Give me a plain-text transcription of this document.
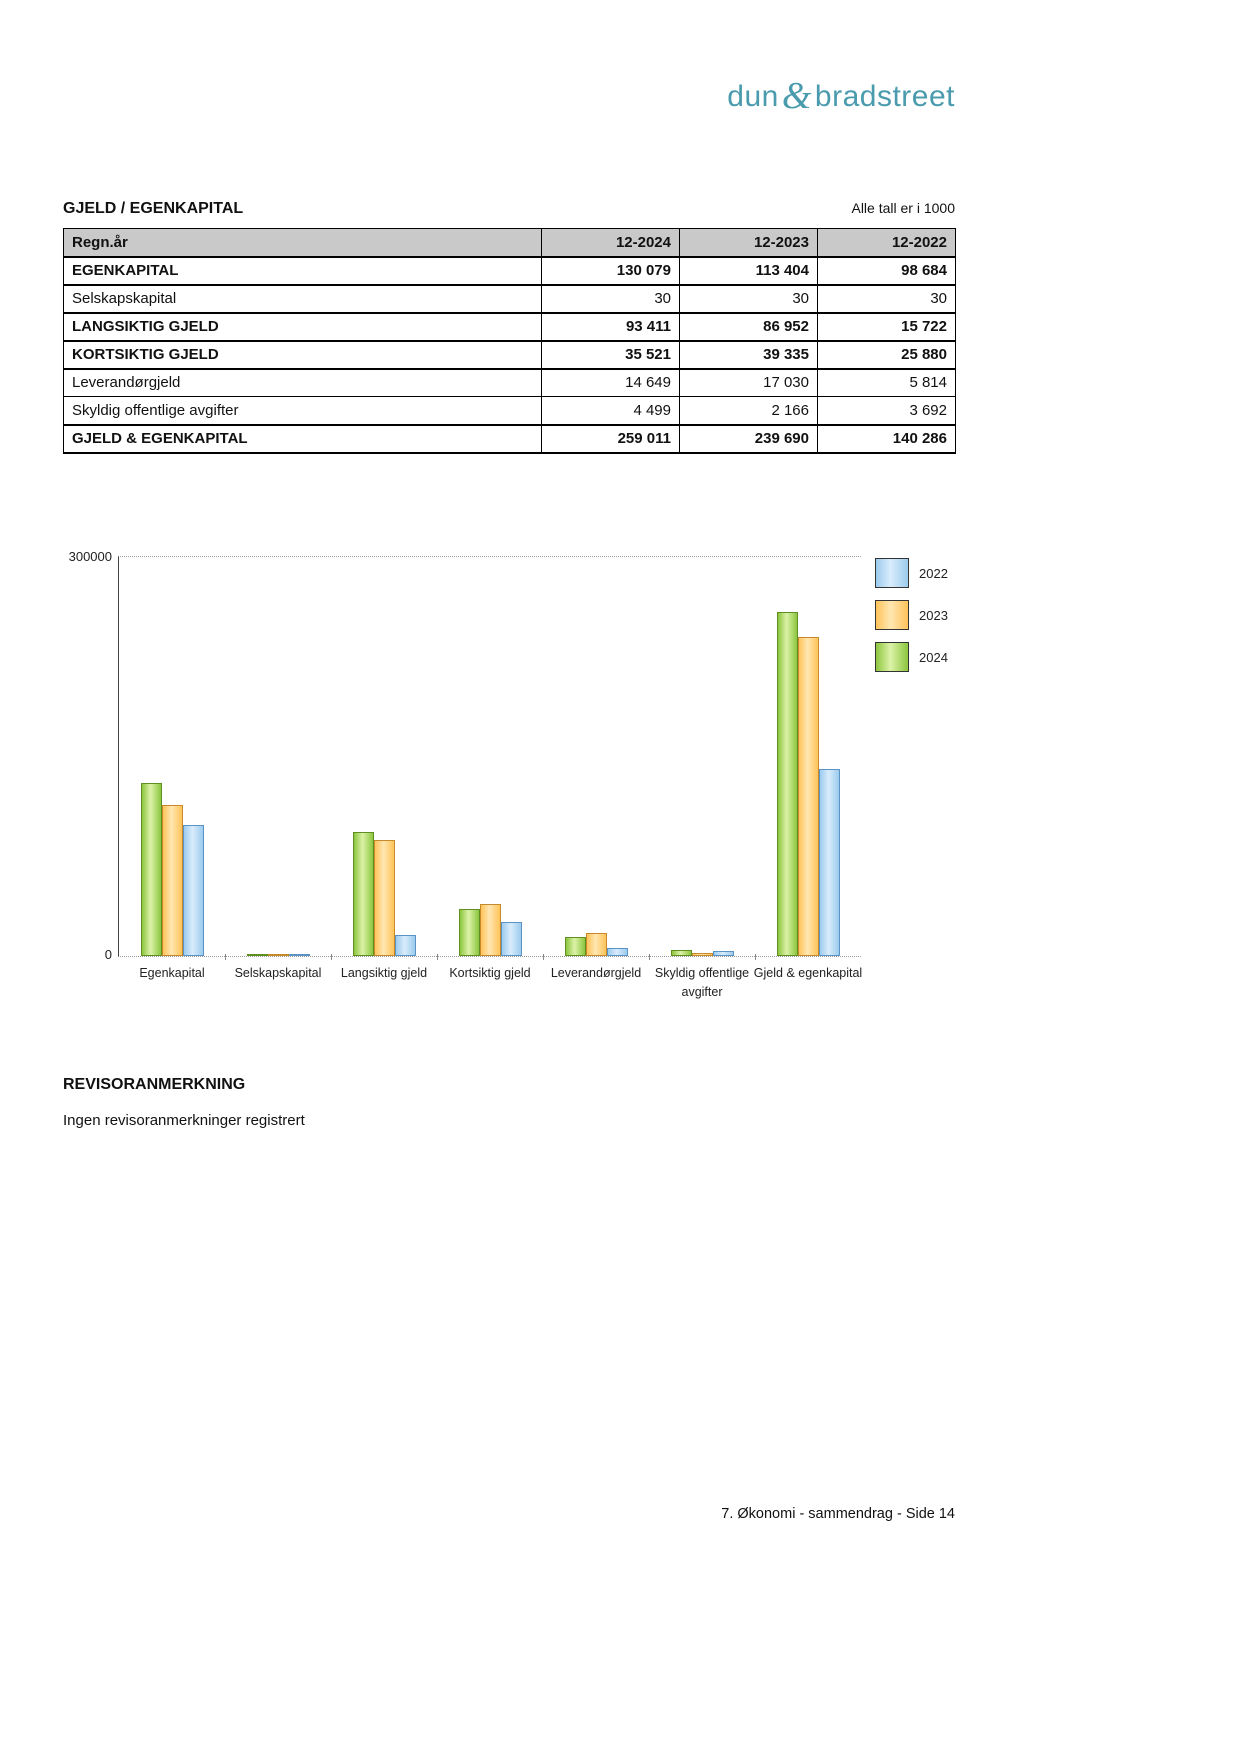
dun& bradstreet
GJELD / EGENKAPITAL	Alle tall er i 1000
Regn.år	12-2024	12-2023	12-2022
EGENKAPITAL	130 079	113 404	98 684
Selskapskapital	30	30	30
LANGSIKTIG GJELD	93 411	86 952	15 722
KORTSIKTIG GJELD	35 521	39 335	25 880
Leverandørgjeld	14 649	17 030	5 814
Skyldig offentlige avgifter	4 499	2 166	3 692
GJELD & EGENKAPITAL	259 011	239 690	140 286
300000
0
Egenkapital	Selskapskapital	Langsiktig gjeld	Kortsiktig gjeld	Leverandørgjeld	Skyldig offentlige avgifter
Gjeld & egenkapital
2022
2023
2024
REVISORANMERKNING
Ingen revisoranmerkninger registrert
7. Økonomi - sammendrag - Side 14
